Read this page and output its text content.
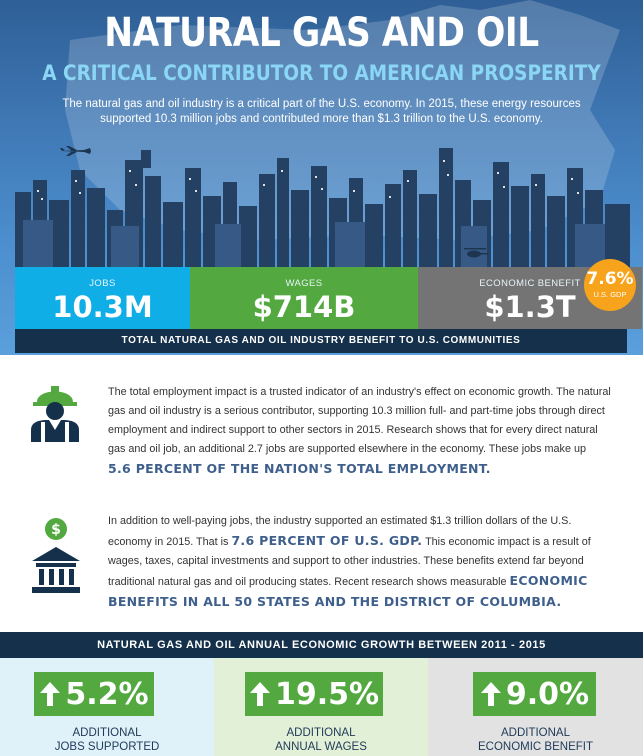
NATURAL GAS AND OIL
A CRITICAL CONTRIBUTOR TO AMERICAN PROSPERITY
The natural gas and oil industry is a critical part of the U.S. economy. In 2015, these energy resources supported 10.3 million jobs and contributed more than $1.3 trillion to the U.S. economy.
JOBS
10.3M
WAGES
$714B
ECONOMIC BENEFIT
$1.3T
7.6%
U.S. GDP
TOTAL NATURAL GAS AND OIL INDUSTRY BENEFIT TO U.S. COMMUNITIES
The total employment impact is a trusted indicator of an industry's effect on economic growth. The natural gas and oil industry is a serious contributor, supporting 10.3 million full- and part-time jobs through direct employment and indirect support to other sectors in 2015. Research shows that for every direct natural gas and oil job, an additional 2.7 jobs are supported elsewhere in the economy. These jobs make up 5.6 PERCENT OF THE NATION'S TOTAL EMPLOYMENT.
$
In addition to well-paying jobs, the industry supported an estimated $1.3 trillion dollars of the U.S. economy in 2015. That is 7.6 PERCENT OF U.S. GDP. This economic impact is a result of wages, taxes, capital investments and support to other industries. These benefits extend far beyond traditional natural gas and oil producing states. Recent research shows measurable ECONOMIC BENEFITS IN ALL 50 STATES AND THE DISTRICT OF COLUMBIA.
NATURAL GAS AND OIL ANNUAL ECONOMIC GROWTH BETWEEN 2011 - 2015
5.2%
ADDITIONAL
JOBS SUPPORTED
19.5%
ADDITIONAL
ANNUAL WAGES
9.0%
ADDITIONAL
ECONOMIC BENEFIT
